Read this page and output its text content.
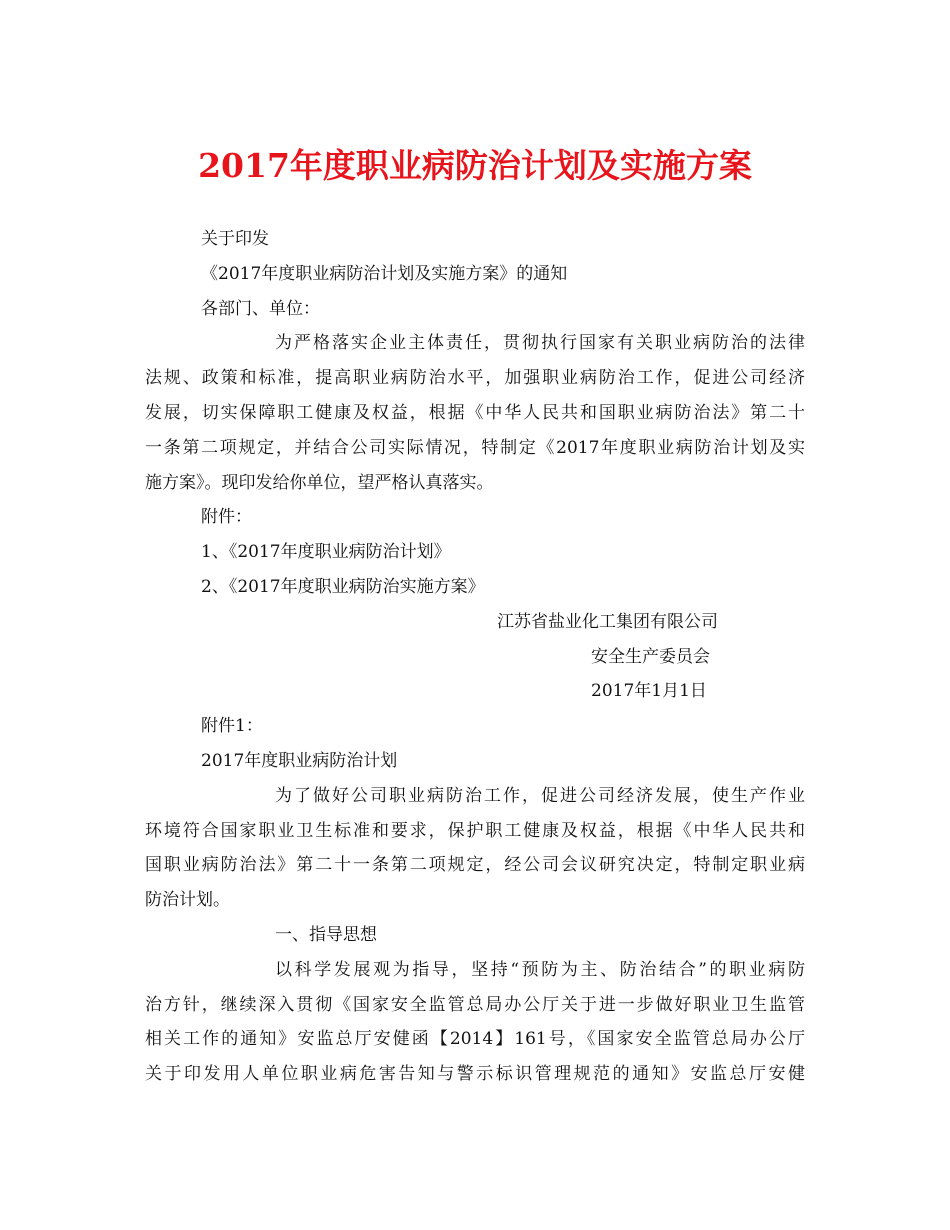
2017年度职业病防治计划及实施方案
关于印发
《2017年度职业病防治计划及实施方案》的通知
各部门、单位：
为严格落实企业主体责任，贯彻执行国家有关职业病防治的法律
法规、政策和标准，提高职业病防治水平，加强职业病防治工作，促进公司经济
发展，切实保障职工健康及权益，根据《中华人民共和国职业病防治法》第二十
一条第二项规定，并结合公司实际情况，特制定《2017年度职业病防治计划及实
施方案》。现印发给你单位，望严格认真落实。
附件：
1、《2017年度职业病防治计划》
2、《2017年度职业病防治实施方案》
江苏省盐业化工集团有限公司
安全生产委员会
2017年1月1日
附件1：
2017年度职业病防治计划
为了做好公司职业病防治工作，促进公司经济发展，使生产作业
环境符合国家职业卫生标准和要求，保护职工健康及权益，根据《中华人民共和
国职业病防治法》第二十一条第二项规定，经公司会议研究决定，特制定职业病
防治计划。
一、指导思想
以科学发展观为指导，坚持“预防为主、防治结合”的职业病防
治方针，继续深入贯彻《国家安全监管总局办公厅关于进一步做好职业卫生监管
相关工作的通知》安监总厅安健函【2014】161号，《国家安全监管总局办公厅
关于印发用人单位职业病危害告知与警示标识管理规范的通知》安监总厅安健
